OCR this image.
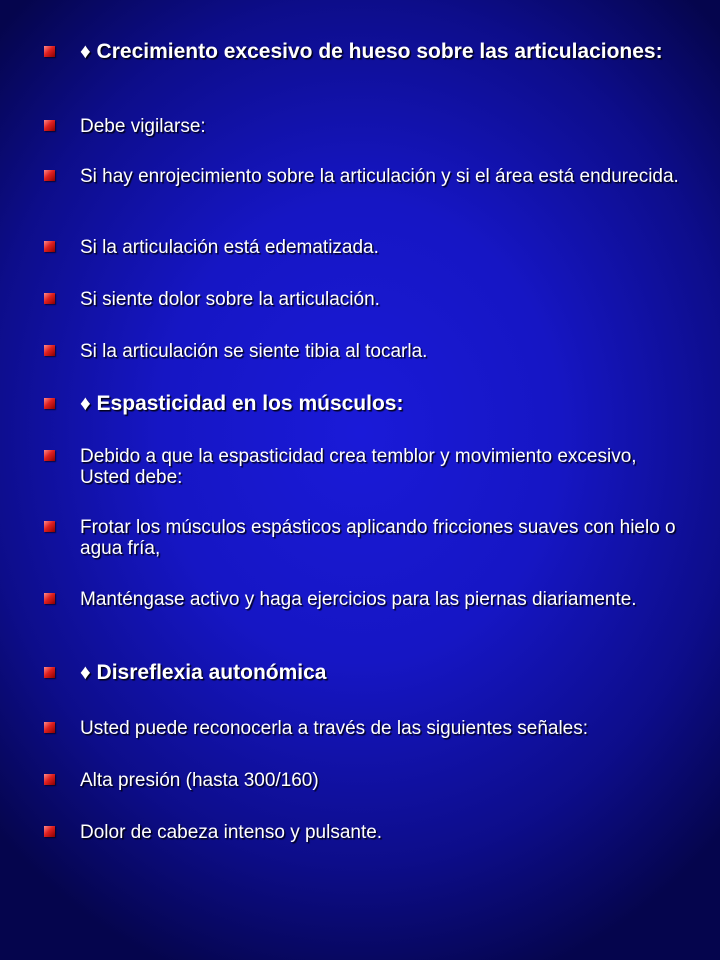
♦ Crecimiento excesivo de hueso sobre las articulaciones:
Debe vigilarse:
Si hay enrojecimiento sobre la articulación y si el área está endurecida.
Si la articulación está edematizada.
Si siente dolor sobre la articulación.
Si la articulación se siente tibia al tocarla.
♦ Espasticidad en los músculos:
Debido a que la espasticidad crea temblor y movimiento excesivo, Usted debe:
Frotar los músculos espásticos aplicando fricciones suaves con hielo o agua fría,
Manténgase activo y haga ejercicios para las piernas diariamente.
♦ Disreflexia autonómica
Usted puede reconocerla a través de las siguientes señales:
Alta presión (hasta 300/160)
Dolor de cabeza intenso y pulsante.
